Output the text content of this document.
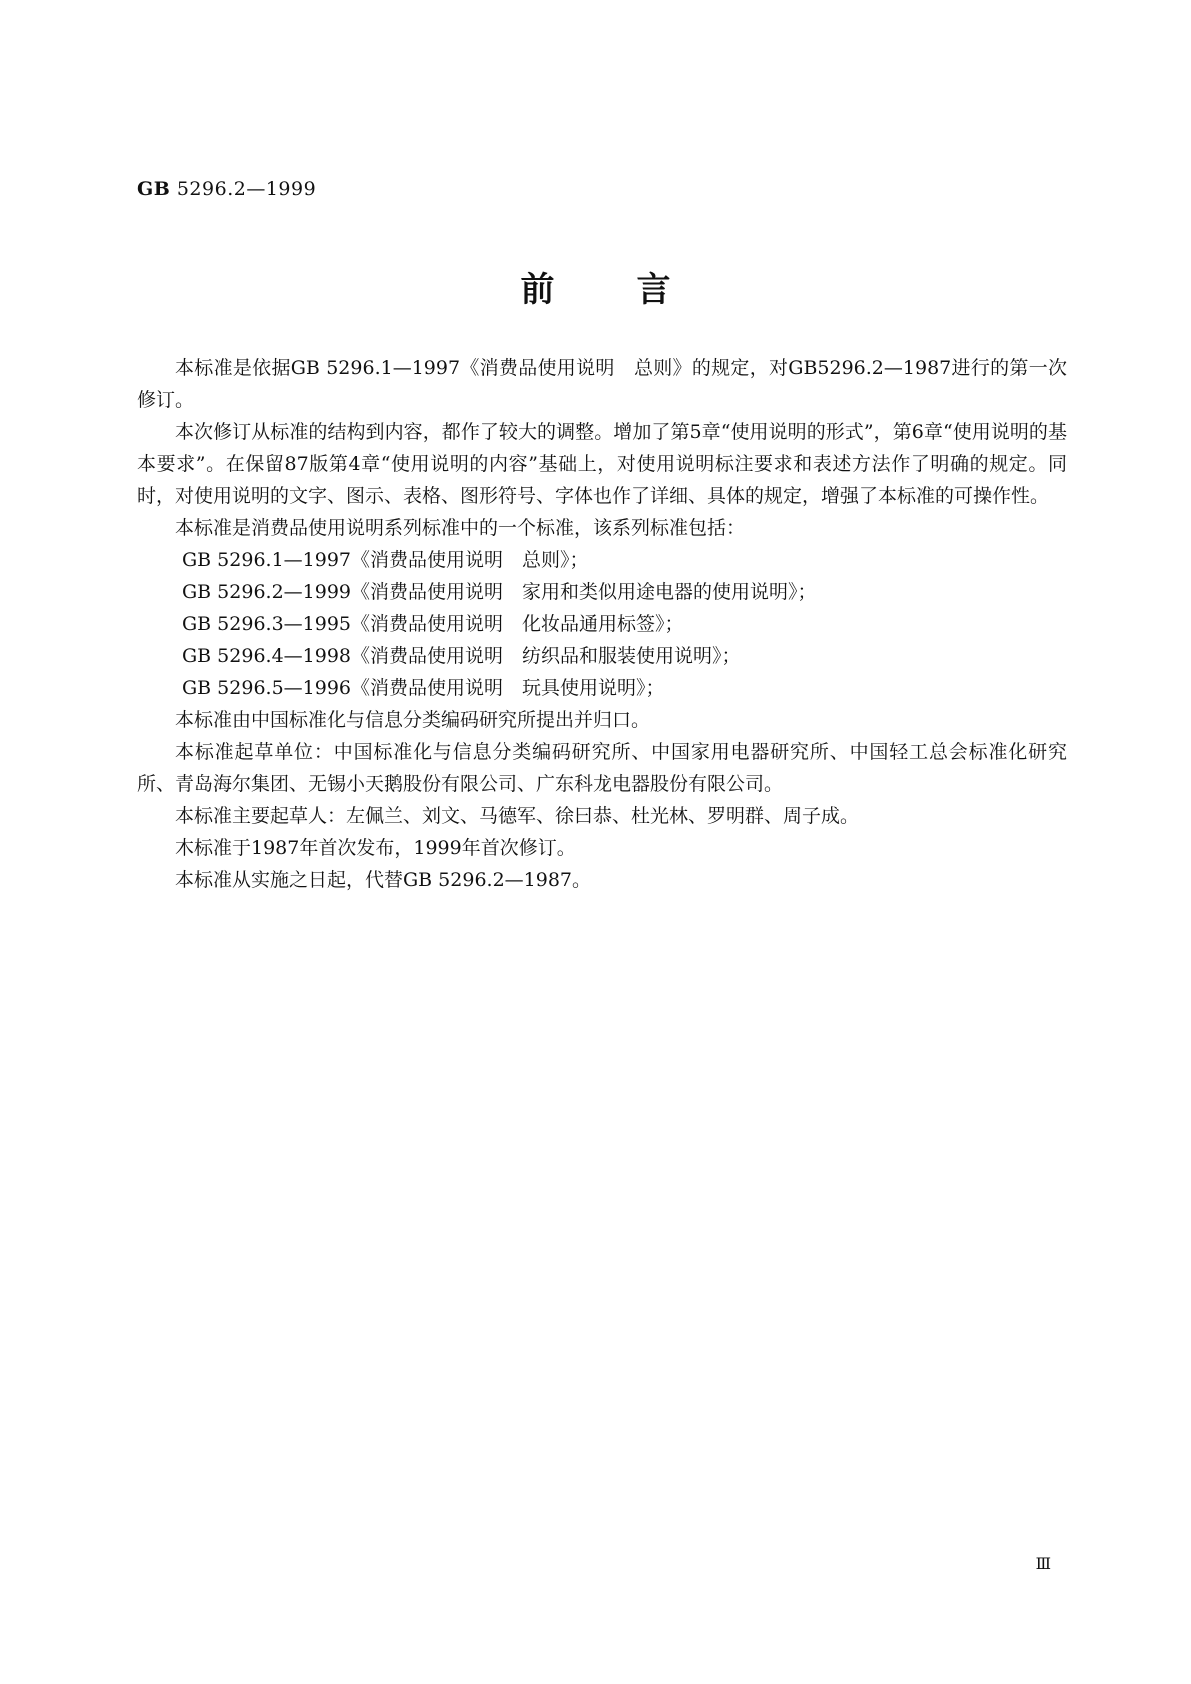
GB 5296.2—1999
前言

本标准是依据GB 5296.1—1997《消费品使用说明　总则》的规定，对GB5296.2—1987进行的第一次修订。

本次修订从标准的结构到内容，都作了较大的调整。增加了第5章“使用说明的形式”，第6章“使用说明的基本要求”。在保留87版第4章“使用说明的内容”基础上，对使用说明标注要求和表述方法作了明确的规定。同时，对使用说明的文字、图示、表格、图形符号、字体也作了详细、具体的规定，增强了本标准的可操作性。

本标准是消费品使用说明系列标准中的一个标准，该系列标准包括：

GB 5296.1—1997《消费品使用说明　总则》；

GB 5296.2—1999《消费品使用说明　家用和类似用途电器的使用说明》；

GB 5296.3—1995《消费品使用说明　化妆品通用标签》；

GB 5296.4—1998《消费品使用说明　纺织品和服装使用说明》；

GB 5296.5—1996《消费品使用说明　玩具使用说明》；

本标准由中国标准化与信息分类编码研究所提出并归口。

本标准起草单位：中国标准化与信息分类编码研究所、中国家用电器研究所、中国轻工总会标准化研究所、青岛海尔集团、无锡小天鹅股份有限公司、广东科龙电器股份有限公司。

本标准主要起草人：左佩兰、刘文、马德军、徐曰恭、杜光林、罗明群、周子成。

木标准于1987年首次发布，1999年首次修订。

本标准从实施之日起，代替GB 5296.2—1987。

Ⅲ
